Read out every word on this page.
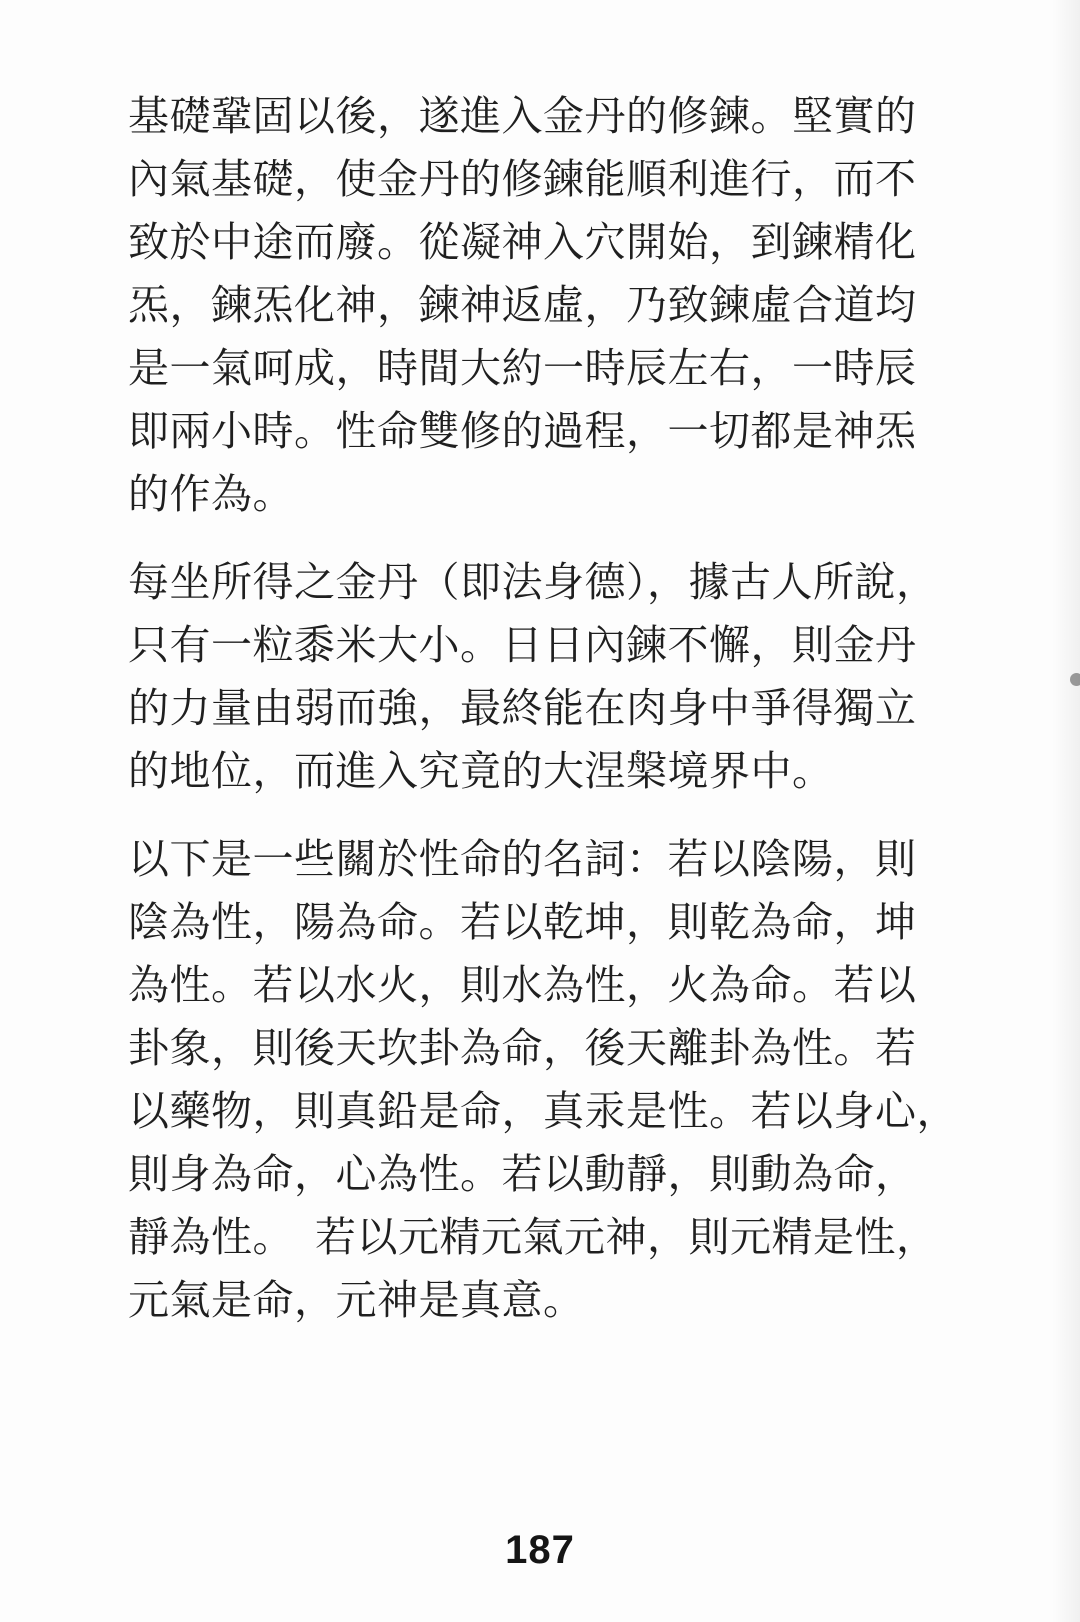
基礎鞏固以後，遂進入金丹的修鍊。堅實的
內氣基礎，使金丹的修鍊能順利進行，而不
致於中途而廢。從凝神入穴開始，到鍊精化
炁，鍊炁化神，鍊神返虛，乃致鍊虛合道均
是一氣呵成，時間大約一時辰左右，一時辰
即兩小時。性命雙修的過程，一切都是神炁
的作為。
每坐所得之金丹（即法身德），據古人所說，
只有一粒黍米大小。日日內鍊不懈，則金丹
的力量由弱而強，最終能在肉身中爭得獨立
的地位，而進入究竟的大涅槃境界中。
以下是一些關於性命的名詞：若以陰陽，則
陰為性，陽為命。若以乾坤，則乾為命，坤
為性。若以水火，則水為性，火為命。若以
卦象，則後天坎卦為命，後天離卦為性。若
以藥物，則真鉛是命，真汞是性。若以身心，
則身為命，心為性。若以動靜，則動為命，
靜為性。　若以元精元氣元神，則元精是性，
元氣是命，元神是真意。
187
